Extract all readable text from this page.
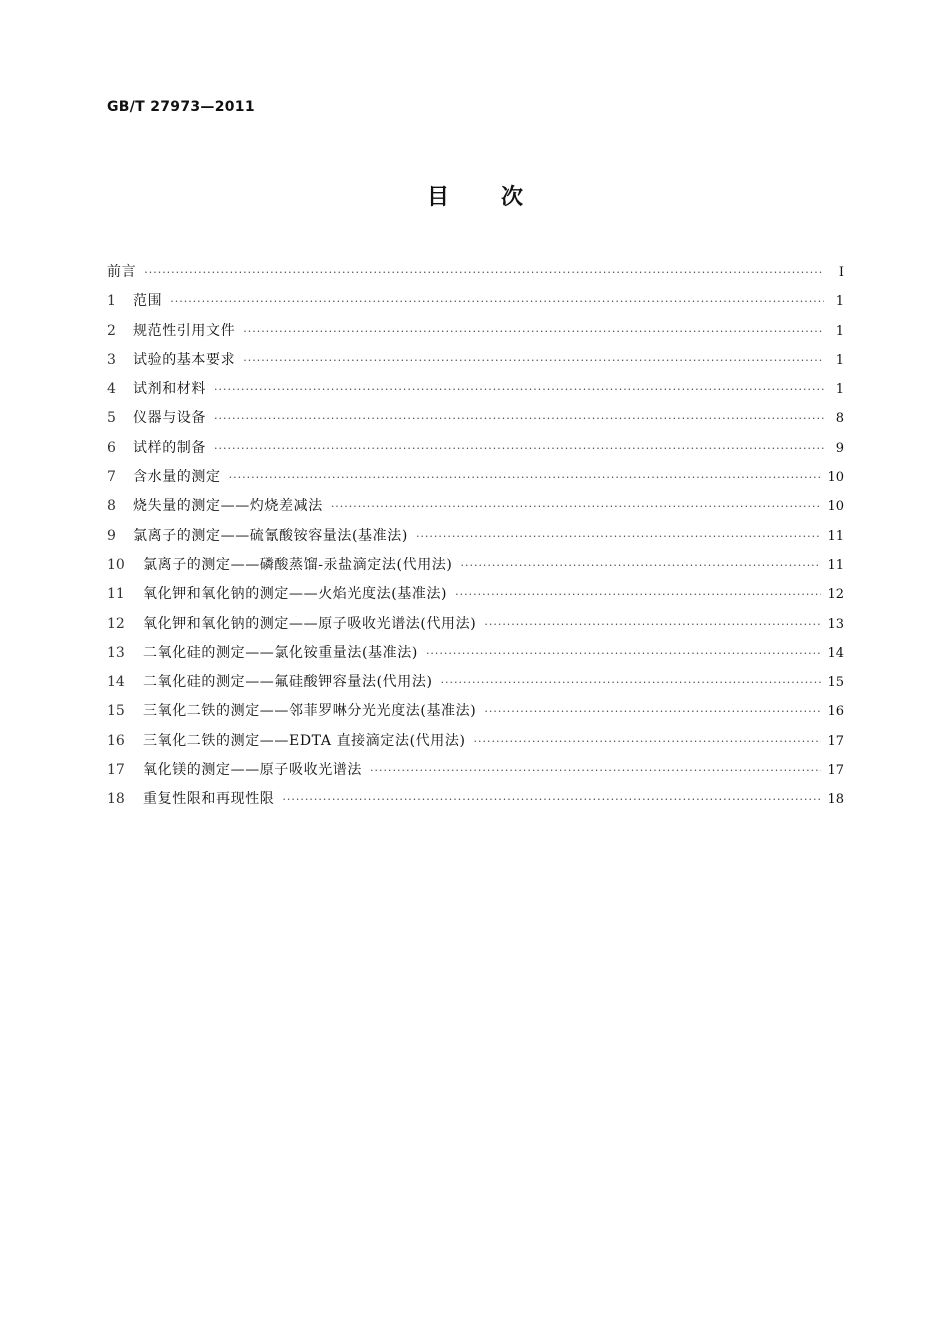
GB/T 27973—2011
目 次
前言 ·····	Ⅰ
1	范围 ·····	1
2	规范性引用文件 ·····	1
3	试验的基本要求 ·····	1
4	试剂和材料 ·····	1
5	仪器与设备 ·····	8
6	试样的制备 ·····	9
7	含水量的测定 ·····	10
8	烧失量的测定——灼烧差减法 ·····	10
9	氯离子的测定——硫氰酸铵容量法(基准法) ·····	11
10	氯离子的测定——磷酸蒸馏-汞盐滴定法(代用法) ·····	11
11	氧化钾和氧化钠的测定——火焰光度法(基准法) ·····	12
12	氧化钾和氧化钠的测定——原子吸收光谱法(代用法) ·····	13
13	二氧化硅的测定——氯化铵重量法(基准法) ·····	14
14	二氧化硅的测定——氟硅酸钾容量法(代用法) ·····	15
15	三氧化二铁的测定——邻菲罗啉分光光度法(基准法) ·····	16
16	三氧化二铁的测定——EDTA 直接滴定法(代用法) ·····	17
17	氧化镁的测定——原子吸收光谱法 ·····	17
18	重复性限和再现性限 ·····	18
